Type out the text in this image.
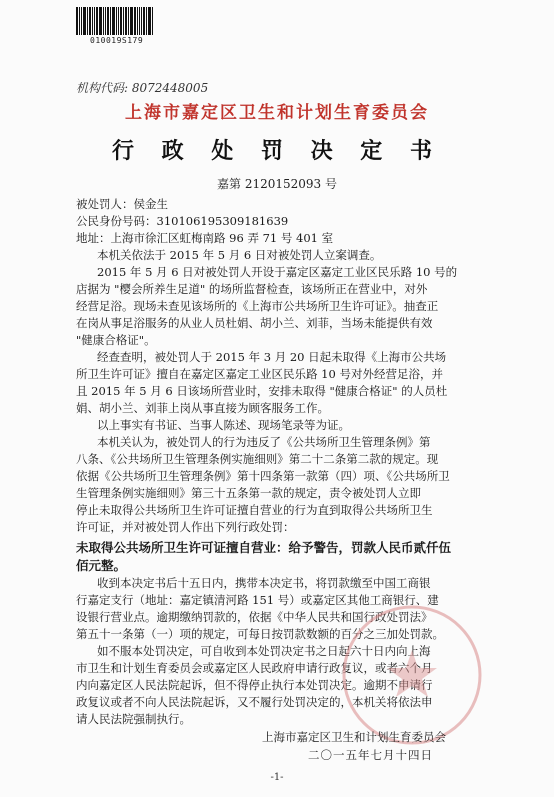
010019S179
机构代码: 8072448005
上海市嘉定区卫生和计划生育委员会
行 政 处 罚 决 定 书
嘉第 2120152093 号
被处罚人：侯金生
公民身份号码：310106195309181639
地址：上海市徐汇区虹梅南路 96 弄 71 号 401 室
本机关依法于 2015 年 5 月 6 日对被处罚人立案调查。
2015 年 5 月 6 日对被处罚人开设于嘉定区嘉定工业区民乐路 10 号的
店据为 "樱会所养生足道" 的场所监督检查，该场所正在营业中，对外
经营足浴。现场未查见该场所的《上海市公共场所卫生许可证》。抽查正
在岗从事足浴服务的从业人员杜娟、胡小兰、刘菲，当场未能提供有效
"健康合格证"。
经查查明，被处罚人于 2015 年 3 月 20 日起未取得《上海市公共场
所卫生许可证》擅自在嘉定区嘉定工业区民乐路 10 号对外经营足浴，并
且 2015 年 5 月 6 日该场所营业时，安排未取得 "健康合格证" 的人员杜
娟、胡小兰、刘菲上岗从事直接为顾客服务工作。
以上事实有书证、当事人陈述、现场笔录等为证。
本机关认为，被处罚人的行为违反了《公共场所卫生管理条例》第
八条、《公共场所卫生管理条例实施细则》第二十二条第二款的规定。现
依据《公共场所卫生管理条例》第十四条第一款第（四）项、《公共场所卫
生管理条例实施细则》第三十五条第一款的规定，责令被处罚人立即
停止未取得公共场所卫生许可证擅自营业的行为直到取得公共场所卫生
许可证，并对被处罚人作出下列行政处罚：
未取得公共场所卫生许可证擅自营业：给予警告，罚款人民币贰仟伍
佰元整。
收到本决定书后十五日内，携带本决定书，将罚款缴至中国工商银
行嘉定支行（地址：嘉定镇清河路 151 号）或嘉定区其他工商银行、建
设银行营业点。逾期缴纳罚款的，依据《中华人民共和国行政处罚法》
第五十一条第（一）项的规定，可每日按罚款数额的百分之三加处罚款。
如不服本处罚决定，可自收到本处罚决定书之日起六十日内向上海
市卫生和计划生育委员会或嘉定区人民政府申请行政复议，或者六个月
内向嘉定区人民法院起诉，但不得停止执行本处罚决定。逾期不申请行
政复议或者不向人民法院起诉，又不履行处罚决定的，本机关将依法申
请人民法院强制执行。
上海市嘉定区卫生和计划生育委员会
二〇一五年七月十四日
-1-
